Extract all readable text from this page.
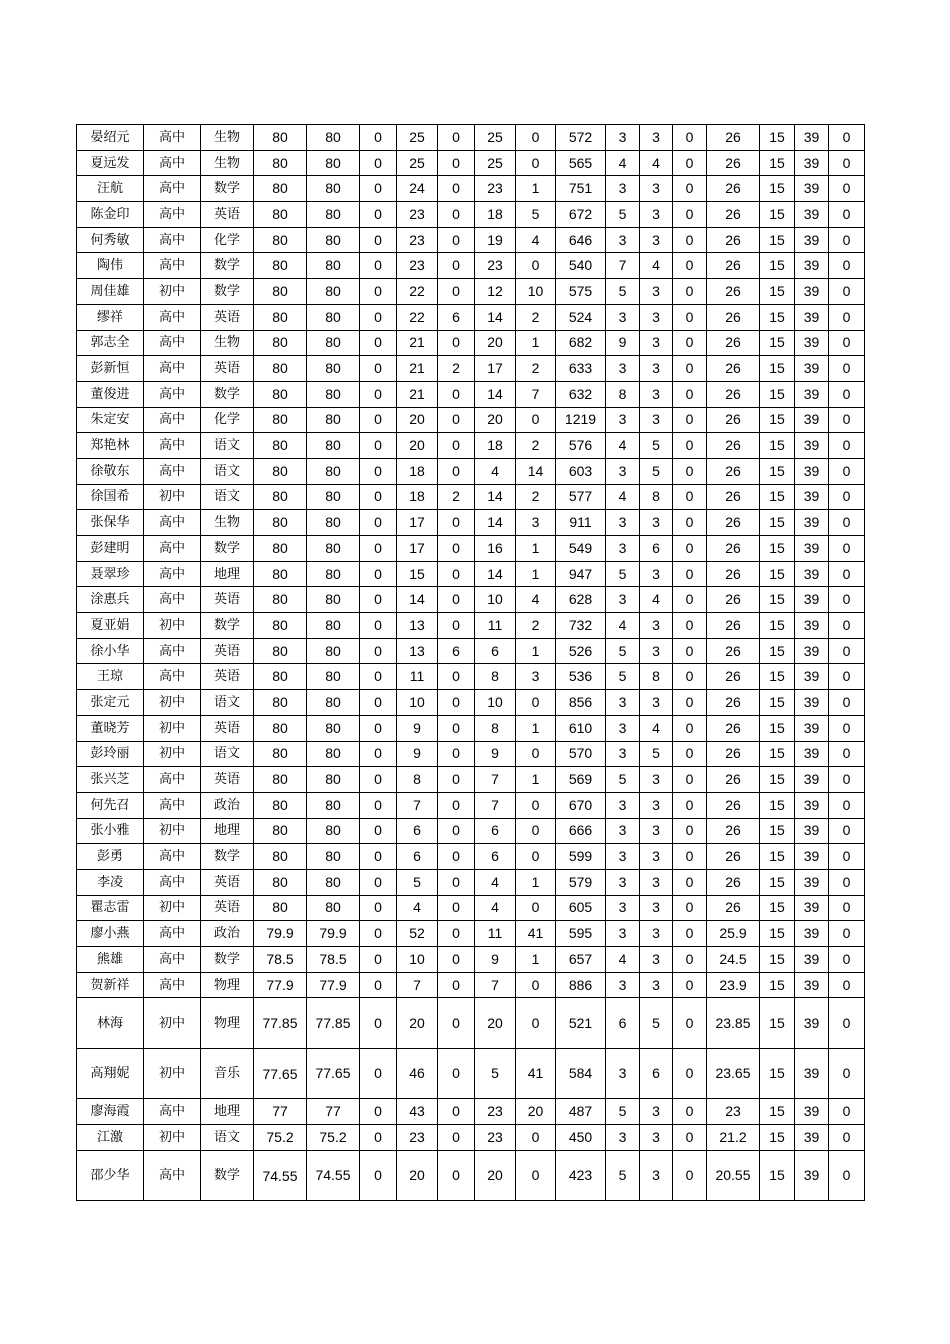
晏绍元	高中	生物	80	80	0	25	0	25	0	572	3	3	0	26	15	39	0
夏远发	高中	生物	80	80	0	25	0	25	0	565	4	4	0	26	15	39	0
汪航	高中	数学	80	80	0	24	0	23	1	751	3	3	0	26	15	39	0
陈金印	高中	英语	80	80	0	23	0	18	5	672	5	3	0	26	15	39	0
何秀敏	高中	化学	80	80	0	23	0	19	4	646	3	3	0	26	15	39	0
陶伟	高中	数学	80	80	0	23	0	23	0	540	7	4	0	26	15	39	0
周佳雄	初中	数学	80	80	0	22	0	12	10	575	5	3	0	26	15	39	0
缪祥	高中	英语	80	80	0	22	6	14	2	524	3	3	0	26	15	39	0
郭志全	高中	生物	80	80	0	21	0	20	1	682	9	3	0	26	15	39	0
彭新恒	高中	英语	80	80	0	21	2	17	2	633	3	3	0	26	15	39	0
董俊进	高中	数学	80	80	0	21	0	14	7	632	8	3	0	26	15	39	0
朱定安	高中	化学	80	80	0	20	0	20	0	1219	3	3	0	26	15	39	0
郑艳林	高中	语文	80	80	0	20	0	18	2	576	4	5	0	26	15	39	0
徐敬东	高中	语文	80	80	0	18	0	4	14	603	3	5	0	26	15	39	0
徐国希	初中	语文	80	80	0	18	2	14	2	577	4	8	0	26	15	39	0
张保华	高中	生物	80	80	0	17	0	14	3	911	3	3	0	26	15	39	0
彭建明	高中	数学	80	80	0	17	0	16	1	549	3	6	0	26	15	39	0
聂翠珍	高中	地理	80	80	0	15	0	14	1	947	5	3	0	26	15	39	0
涂惠兵	高中	英语	80	80	0	14	0	10	4	628	3	4	0	26	15	39	0
夏亚娟	初中	数学	80	80	0	13	0	11	2	732	4	3	0	26	15	39	0
徐小华	高中	英语	80	80	0	13	6	6	1	526	5	3	0	26	15	39	0
王琼	高中	英语	80	80	0	11	0	8	3	536	5	8	0	26	15	39	0
张定元	初中	语文	80	80	0	10	0	10	0	856	3	3	0	26	15	39	0
董晓芳	初中	英语	80	80	0	9	0	8	1	610	3	4	0	26	15	39	0
彭玲丽	初中	语文	80	80	0	9	0	9	0	570	3	5	0	26	15	39	0
张兴芝	高中	英语	80	80	0	8	0	7	1	569	5	3	0	26	15	39	0
何先召	高中	政治	80	80	0	7	0	7	0	670	3	3	0	26	15	39	0
张小雅	初中	地理	80	80	0	6	0	6	0	666	3	3	0	26	15	39	0
彭勇	高中	数学	80	80	0	6	0	6	0	599	3	3	0	26	15	39	0
李凌	高中	英语	80	80	0	5	0	4	1	579	3	3	0	26	15	39	0
瞿志雷	初中	英语	80	80	0	4	0	4	0	605	3	3	0	26	15	39	0
廖小燕	高中	政治	79.9	79.9	0	52	0	11	41	595	3	3	0	25.9	15	39	0
熊雄	高中	数学	78.5	78.5	0	10	0	9	1	657	4	3	0	24.5	15	39	0
贺新祥	高中	物理	77.9	77.9	0	7	0	7	0	886	3	3	0	23.9	15	39	0
林海	初中	物理	77.85	77.85	0	20	0	20	0	521	6	5	0	23.85	15	39	0
高翔妮	初中	音乐	77.65	77.65	0	46	0	5	41	584	3	6	0	23.65	15	39	0
廖海霞	高中	地理	77	77	0	43	0	23	20	487	5	3	0	23	15	39	0
江激	初中	语文	75.2	75.2	0	23	0	23	0	450	3	3	0	21.2	15	39	0
邵少华	高中	数学	74.55	74.55	0	20	0	20	0	423	5	3	0	20.55	15	39	0
